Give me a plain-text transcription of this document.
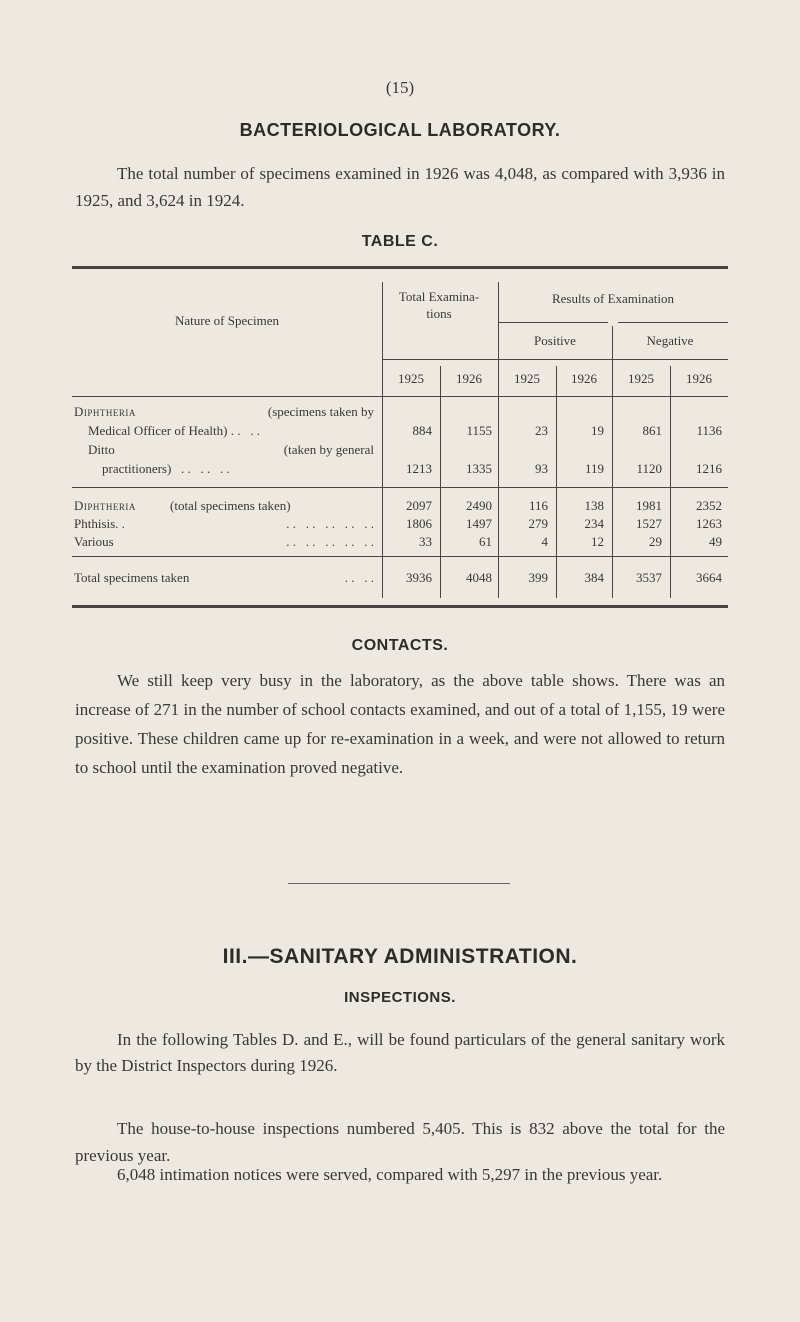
(15)
BACTERIOLOGICAL LABORATORY.

The total number of specimens examined in 1926 was 4,048, as compared with 3,936 in 1925, and 3,624 in 1924.

TABLE C.
Nature of Specimen
Total Examina- tions
Results of Examination
Positive	Negative
1925	1926	1925	1926	1925	1926
Diphtheria	(specimens taken by
Medical Officer of Health) . .   . .	884	1155	23	19	861	1136
Ditto	(taken by general
practitioners)   . .   . .   . .	1213	1335	93	119	1120	1216
Diphtheria	(total specimens taken)	2097	2490	116	138	1981	2352
Phthisis. .	. .   . .   . .   . .   . .	1806	1497	279	234	1527	1263
Various	. .   . .   . .   . .   . .	33	61	4	12	29	49
Total specimens taken	. .   . .	3936	4048	399	384	3537	3664
CONTACTS.

We still keep very busy in the laboratory, as the above table shows. There was an increase of 271 in the number of school contacts examined, and out of a total of 1,155, 19 were positive. These children came up for re-examination in a week, and were not allowed to return to school until the examination proved negative.

III.—SANITARY ADMINISTRATION.
INSPECTIONS.

In the following Tables D. and E., will be found particulars of the general sanitary work by the District Inspectors during 1926.

The house-to-house inspections numbered 5,405. This is 832 above the total for the previous year.

6,048 intimation notices were served, compared with 5,297 in the previous year.
